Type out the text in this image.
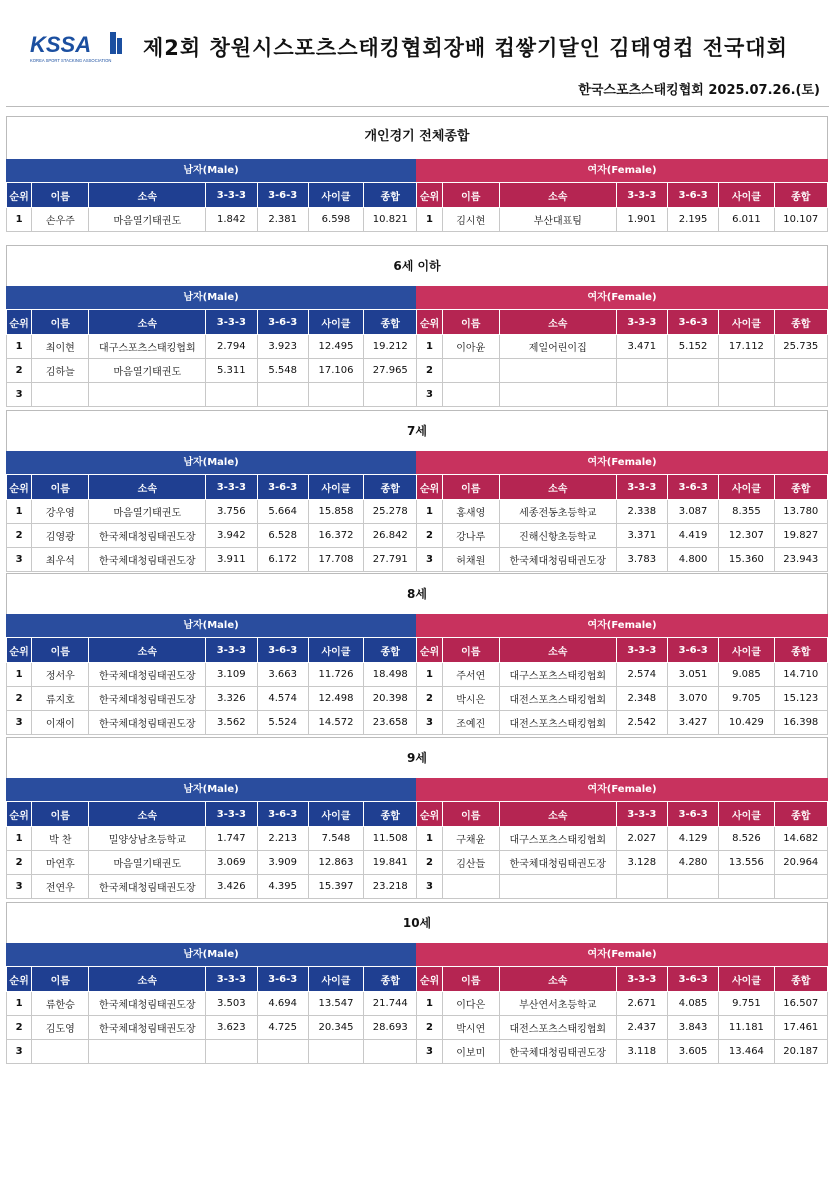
KSSA
KOREA SPORT STACKING ASSOCIATION
제2회 창원시스포츠스태킹협회장배 컵쌓기달인 김태영컵 전국대회
한국스포츠스태킹협회 2025.07.26.(토)
개인경기 전체종합
남자(Male)	여자(Female)
순위	이름	소속	3-3-3	3-6-3	사이클	종합	순위	이름	소속	3-3-3	3-6-3	사이클	종합
1	손우주	마음열기태권도	1.842	2.381	6.598	10.821	1	김시현	부산대표팀	1.901	2.195	6.011	10.107
6세 이하
남자(Male)	여자(Female)
순위	이름	소속	3-3-3	3-6-3	사이클	종합	순위	이름	소속	3-3-3	3-6-3	사이클	종합
1	최이현	대구스포츠스태킹협회	2.794	3.923	12.495	19.212	1	이아윤	제일어린이집	3.471	5.152	17.112	25.735
2	김하늘	마음열기태권도	5.311	5.548	17.106	27.965	2						
3							3						
7세
남자(Male)	여자(Female)
순위	이름	소속	3-3-3	3-6-3	사이클	종합	순위	이름	소속	3-3-3	3-6-3	사이클	종합
1	강우영	마음열기태권도	3.756	5.664	15.858	25.278	1	홍새영	세종전동초등학교	2.338	3.087	8.355	13.780
2	김영광	한국체대청림태권도장	3.942	6.528	16.372	26.842	2	강나루	진해신항초등학교	3.371	4.419	12.307	19.827
3	최우석	한국체대청림태권도장	3.911	6.172	17.708	27.791	3	허채원	한국체대청림태권도장	3.783	4.800	15.360	23.943
8세
남자(Male)	여자(Female)
순위	이름	소속	3-3-3	3-6-3	사이클	종합	순위	이름	소속	3-3-3	3-6-3	사이클	종합
1	정서우	한국체대청림태권도장	3.109	3.663	11.726	18.498	1	주서연	대구스포츠스태킹협회	2.574	3.051	9.085	14.710
2	류지호	한국체대청림태권도장	3.326	4.574	12.498	20.398	2	박시은	대전스포츠스태킹협회	2.348	3.070	9.705	15.123
3	이재이	한국체대청림태권도장	3.562	5.524	14.572	23.658	3	조예진	대전스포츠스태킹협회	2.542	3.427	10.429	16.398
9세
남자(Male)	여자(Female)
순위	이름	소속	3-3-3	3-6-3	사이클	종합	순위	이름	소속	3-3-3	3-6-3	사이클	종합
1	박 찬	밀양상남초등학교	1.747	2.213	7.548	11.508	1	구채윤	대구스포츠스태킹협회	2.027	4.129	8.526	14.682
2	마연후	마음열기태권도	3.069	3.909	12.863	19.841	2	김산들	한국체대청림태권도장	3.128	4.280	13.556	20.964
3	전연우	한국체대청림태권도장	3.426	4.395	15.397	23.218	3						
10세
남자(Male)	여자(Female)
순위	이름	소속	3-3-3	3-6-3	사이클	종합	순위	이름	소속	3-3-3	3-6-3	사이클	종합
1	류한승	한국체대청림태권도장	3.503	4.694	13.547	21.744	1	이다은	부산연서초등학교	2.671	4.085	9.751	16.507
2	김도영	한국체대청림태권도장	3.623	4.725	20.345	28.693	2	박시연	대전스포츠스태킹협회	2.437	3.843	11.181	17.461
3							3	이보미	한국체대청림태권도장	3.118	3.605	13.464	20.187
